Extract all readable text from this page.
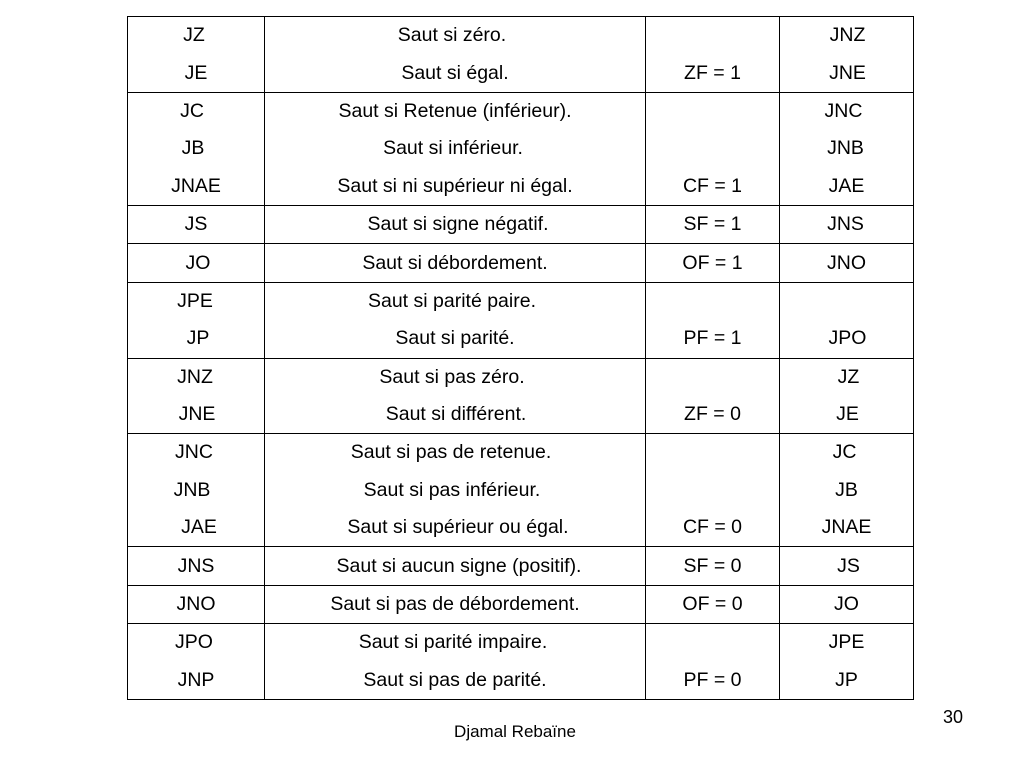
JZ	Saut si zéro.		JNZ
JE	Saut si égal.	ZF = 1	JNE
JC	Saut si Retenue (inférieur).		JNC
JB	Saut si inférieur.		JNB
JNAE	Saut si ni supérieur ni égal.	CF = 1	JAE
JS	Saut si signe négatif.	SF = 1	JNS
JO	Saut si débordement.	OF = 1	JNO
JPE	Saut si parité paire.		
JP	Saut si parité.	PF = 1	JPO
JNZ	Saut si pas zéro.		JZ
JNE	Saut si différent.	ZF = 0	JE
JNC	Saut si pas de retenue.		JC
JNB	Saut si pas inférieur.		JB
JAE	Saut si supérieur ou égal.	CF = 0	JNAE
JNS	Saut si aucun signe (positif).	SF = 0	JS
JNO	Saut si pas de débordement.	OF = 0	JO
JPO	Saut si parité impaire.		JPE
JNP	Saut si pas de parité.	PF = 0	JP
30
Djamal Rebaïne
